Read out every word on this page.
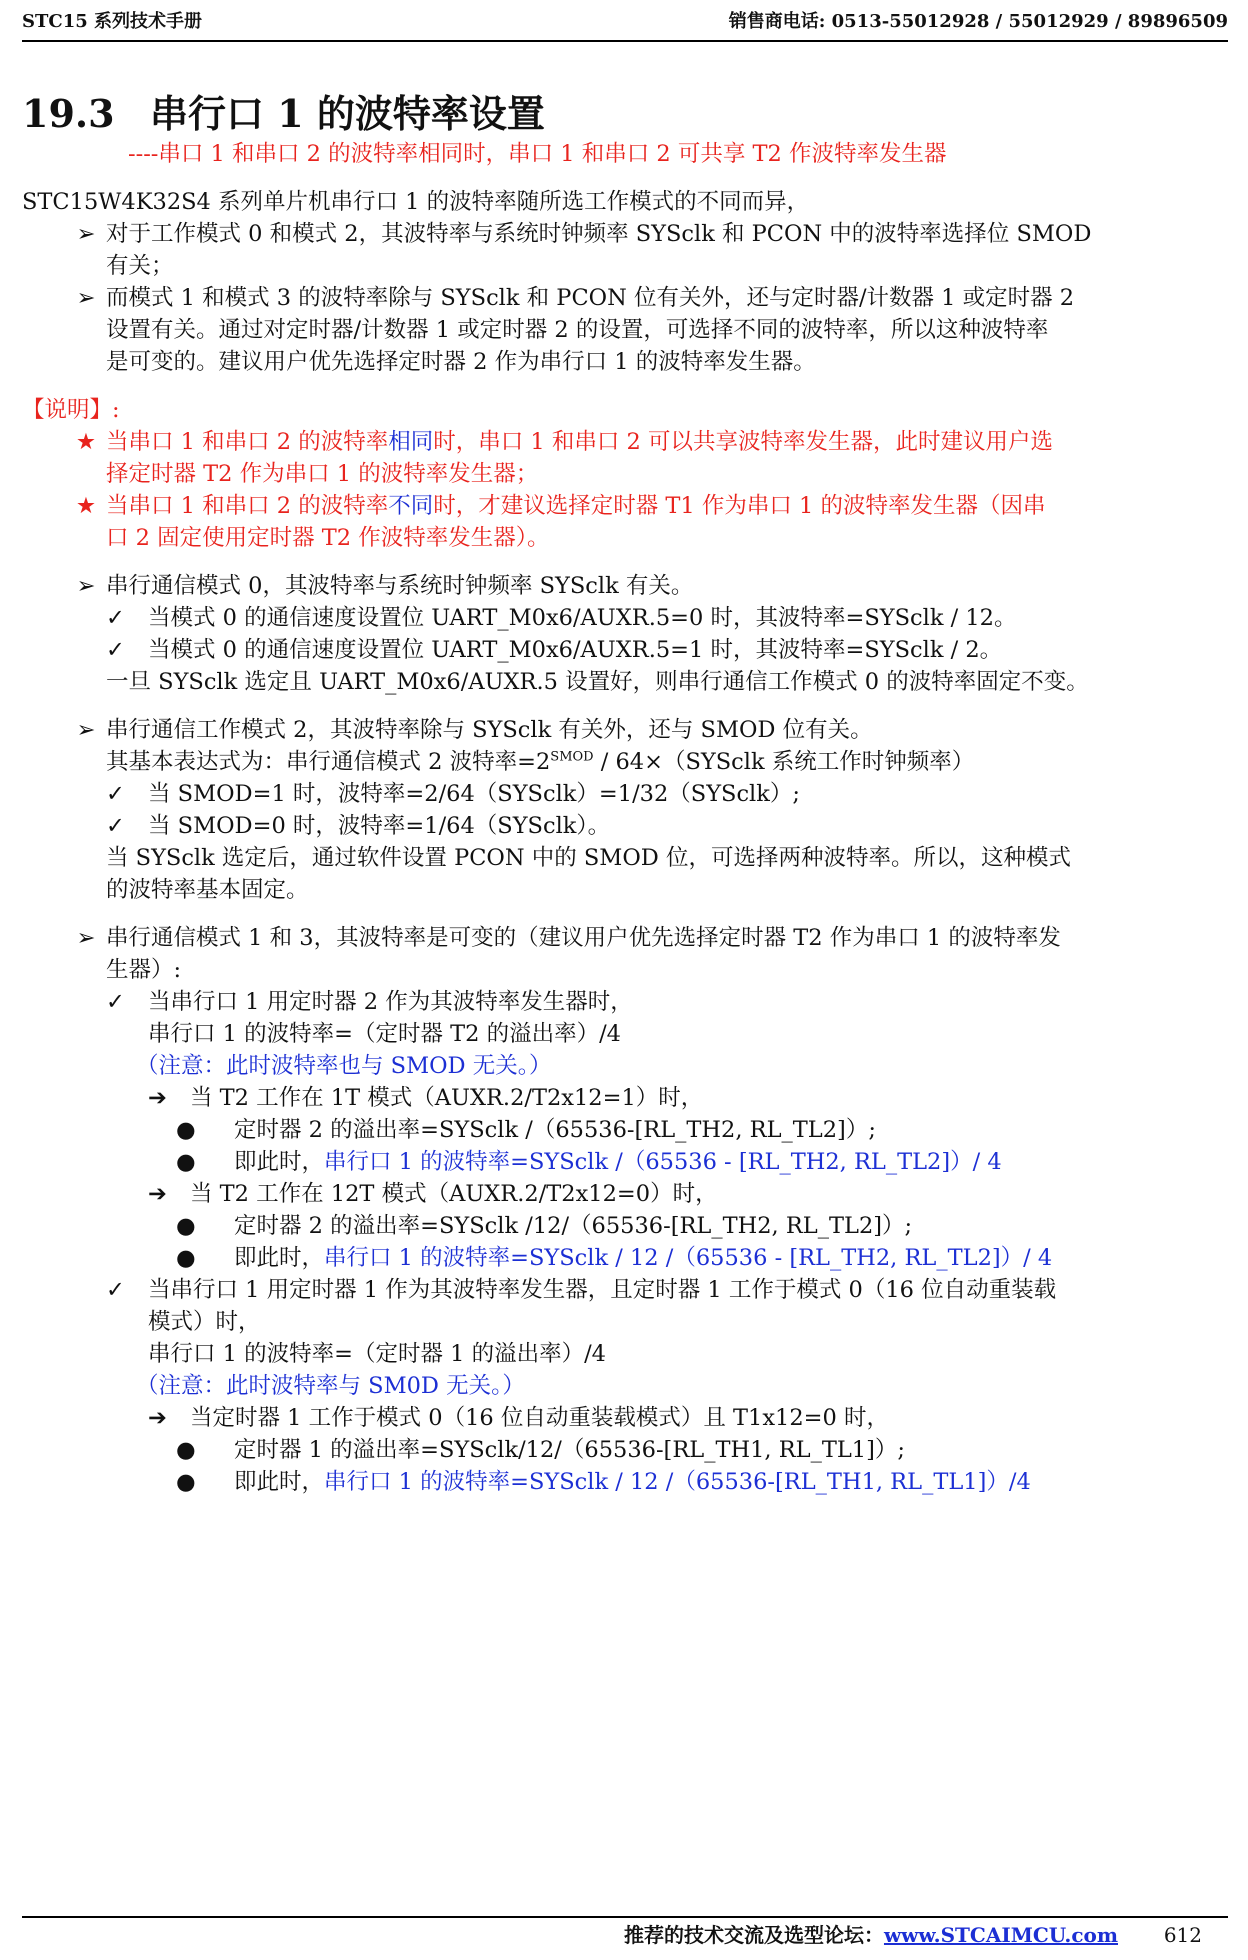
STC15 系列技术手册	销售商电话: 0513-55012928 / 55012929 / 89896509
19.3 串行口 1 的波特率设置
----串口 1 和串口 2 的波特率相同时，串口 1 和串口 2 可共享 T2 作波特率发生器
STC15W4K32S4 系列单片机串行口 1 的波特率随所选工作模式的不同而异，
➢ 对于工作模式 0 和模式 2，其波特率与系统时钟频率 SYSclk 和 PCON 中的波特率选择位 SMOD
有关；
➢ 而模式 1 和模式 3 的波特率除与 SYSclk 和 PCON 位有关外，还与定时器/计数器 1 或定时器 2
设置有关。通过对定时器/计数器 1 或定时器 2 的设置，可选择不同的波特率，所以这种波特率
是可变的。建议用户优先选择定时器 2 作为串行口 1 的波特率发生器。
【说明】:
★ 当串口 1 和串口 2 的波特率相同时，串口 1 和串口 2 可以共享波特率发生器，此时建议用户选
择定时器 T2 作为串口 1 的波特率发生器；
★ 当串口 1 和串口 2 的波特率不同时，才建议选择定时器 T1 作为串口 1 的波特率发生器（因串
口 2 固定使用定时器 T2 作波特率发生器）。
➢ 串行通信模式 0，其波特率与系统时钟频率 SYSclk 有关。
✓ 当模式 0 的通信速度设置位 UART_M0x6/AUXR.5=0 时，其波特率=SYSclk / 12。
✓ 当模式 0 的通信速度设置位 UART_M0x6/AUXR.5=1 时，其波特率=SYSclk / 2。
一旦 SYSclk 选定且 UART_M0x6/AUXR.5 设置好，则串行通信工作模式 0 的波特率固定不变。
➢ 串行通信工作模式 2，其波特率除与 SYSclk 有关外，还与 SMOD 位有关。
其基本表达式为：串行通信模式 2 波特率$=2^{SMOD}$ / 64×（SYSclk 系统工作时钟频率）
✓ 当 SMOD=1 时，波特率=2/64（SYSclk）=1/32（SYSclk）;
✓ 当 SMOD=0 时，波特率=1/64（SYSclk）。
当 SYSclk 选定后，通过软件设置 PCON 中的 SMOD 位，可选择两种波特率。所以，这种模式
的波特率基本固定。
➢ 串行通信模式 1 和 3，其波特率是可变的（建议用户优先选择定时器 T2 作为串口 1 的波特率发
生器）:
✓ 当串行口 1 用定时器 2 作为其波特率发生器时，
串行口 1 的波特率=（定时器 T2 的溢出率）/4
（注意：此时波特率也与 SMOD 无关。）
➔ 当 T2 工作在 1T 模式（AUXR.2/T2x12=1）时，
● 定时器 2 的溢出率=SYSclk /（65536-[RL_TH2, RL_TL2]）;
● 即此时，串行口 1 的波特率=SYSclk /（65536 - [RL_TH2, RL_TL2]）/ 4
➔ 当 T2 工作在 12T 模式（AUXR.2/T2x12=0）时，
● 定时器 2 的溢出率=SYSclk /12/（65536-[RL_TH2, RL_TL2]）;
● 即此时，串行口 1 的波特率=SYSclk / 12 /（65536 - [RL_TH2, RL_TL2]）/ 4
✓ 当串行口 1 用定时器 1 作为其波特率发生器，且定时器 1 工作于模式 0（16 位自动重装载
模式）时，
串行口 1 的波特率=（定时器 1 的溢出率）/4
（注意：此时波特率与 SM0D 无关。）
➔ 当定时器 1 工作于模式 0（16 位自动重装载模式）且 T1x12=0 时，
● 定时器 1 的溢出率=SYSclk/12/（65536-[RL_TH1, RL_TL1]）;
● 即此时，串行口 1 的波特率=SYSclk / 12 /（65536-[RL_TH1, RL_TL1]）/4
推荐的技术交流及选型论坛：www.STCAIMCU.com	612
